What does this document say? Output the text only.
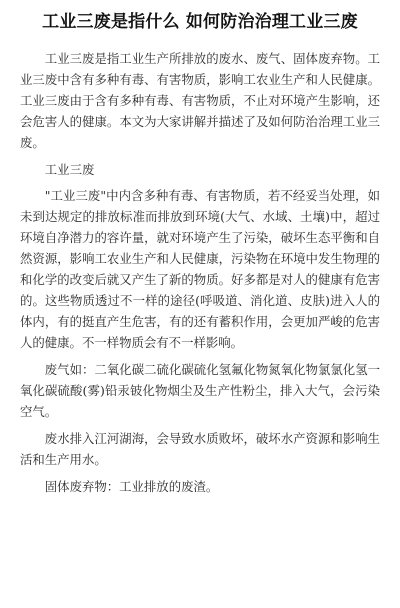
工业三废是指什么 如何防治治理工业三废

工业三废是指工业生产所排放的废水、废气、固体废弃物。工业三废中含有多种有毒、有害物质，影响工农业生产和人民健康。工业三废由于含有多种有毒、有害物质，不止对环境产生影响，还会危害人的健康。本文为大家讲解并描述了及如何防治治理工业三废。

工业三废

"工业三废"中内含多种有毒、有害物质，若不经妥当处理，如未到达规定的排放标准而排放到环境(大气、水域、土壤)中，超过环境自净潜力的容许量，就对环境产生了污染，破坏生态平衡和自然资源，影响工农业生产和人民健康，污染物在环境中发生物理的和化学的改变后就又产生了新的物质。好多都是对人的健康有危害的。这些物质透过不一样的途径(呼吸道、消化道、皮肤)进入人的体内，有的挺直产生危害，有的还有蓄积作用，会更加严峻的危害人的健康。不一样物质会有不一样影响。

废气如：二氧化碳二硫化碳硫化氢氟化物氮氧化物氯氯化氢一氧化碳硫酸(雾)铅汞铍化物烟尘及生产性粉尘，排入大气，会污染空气。

废水排入江河湖海，会导致水质败坏，破坏水产资源和影响生活和生产用水。

固体废弃物：工业排放的废渣。
